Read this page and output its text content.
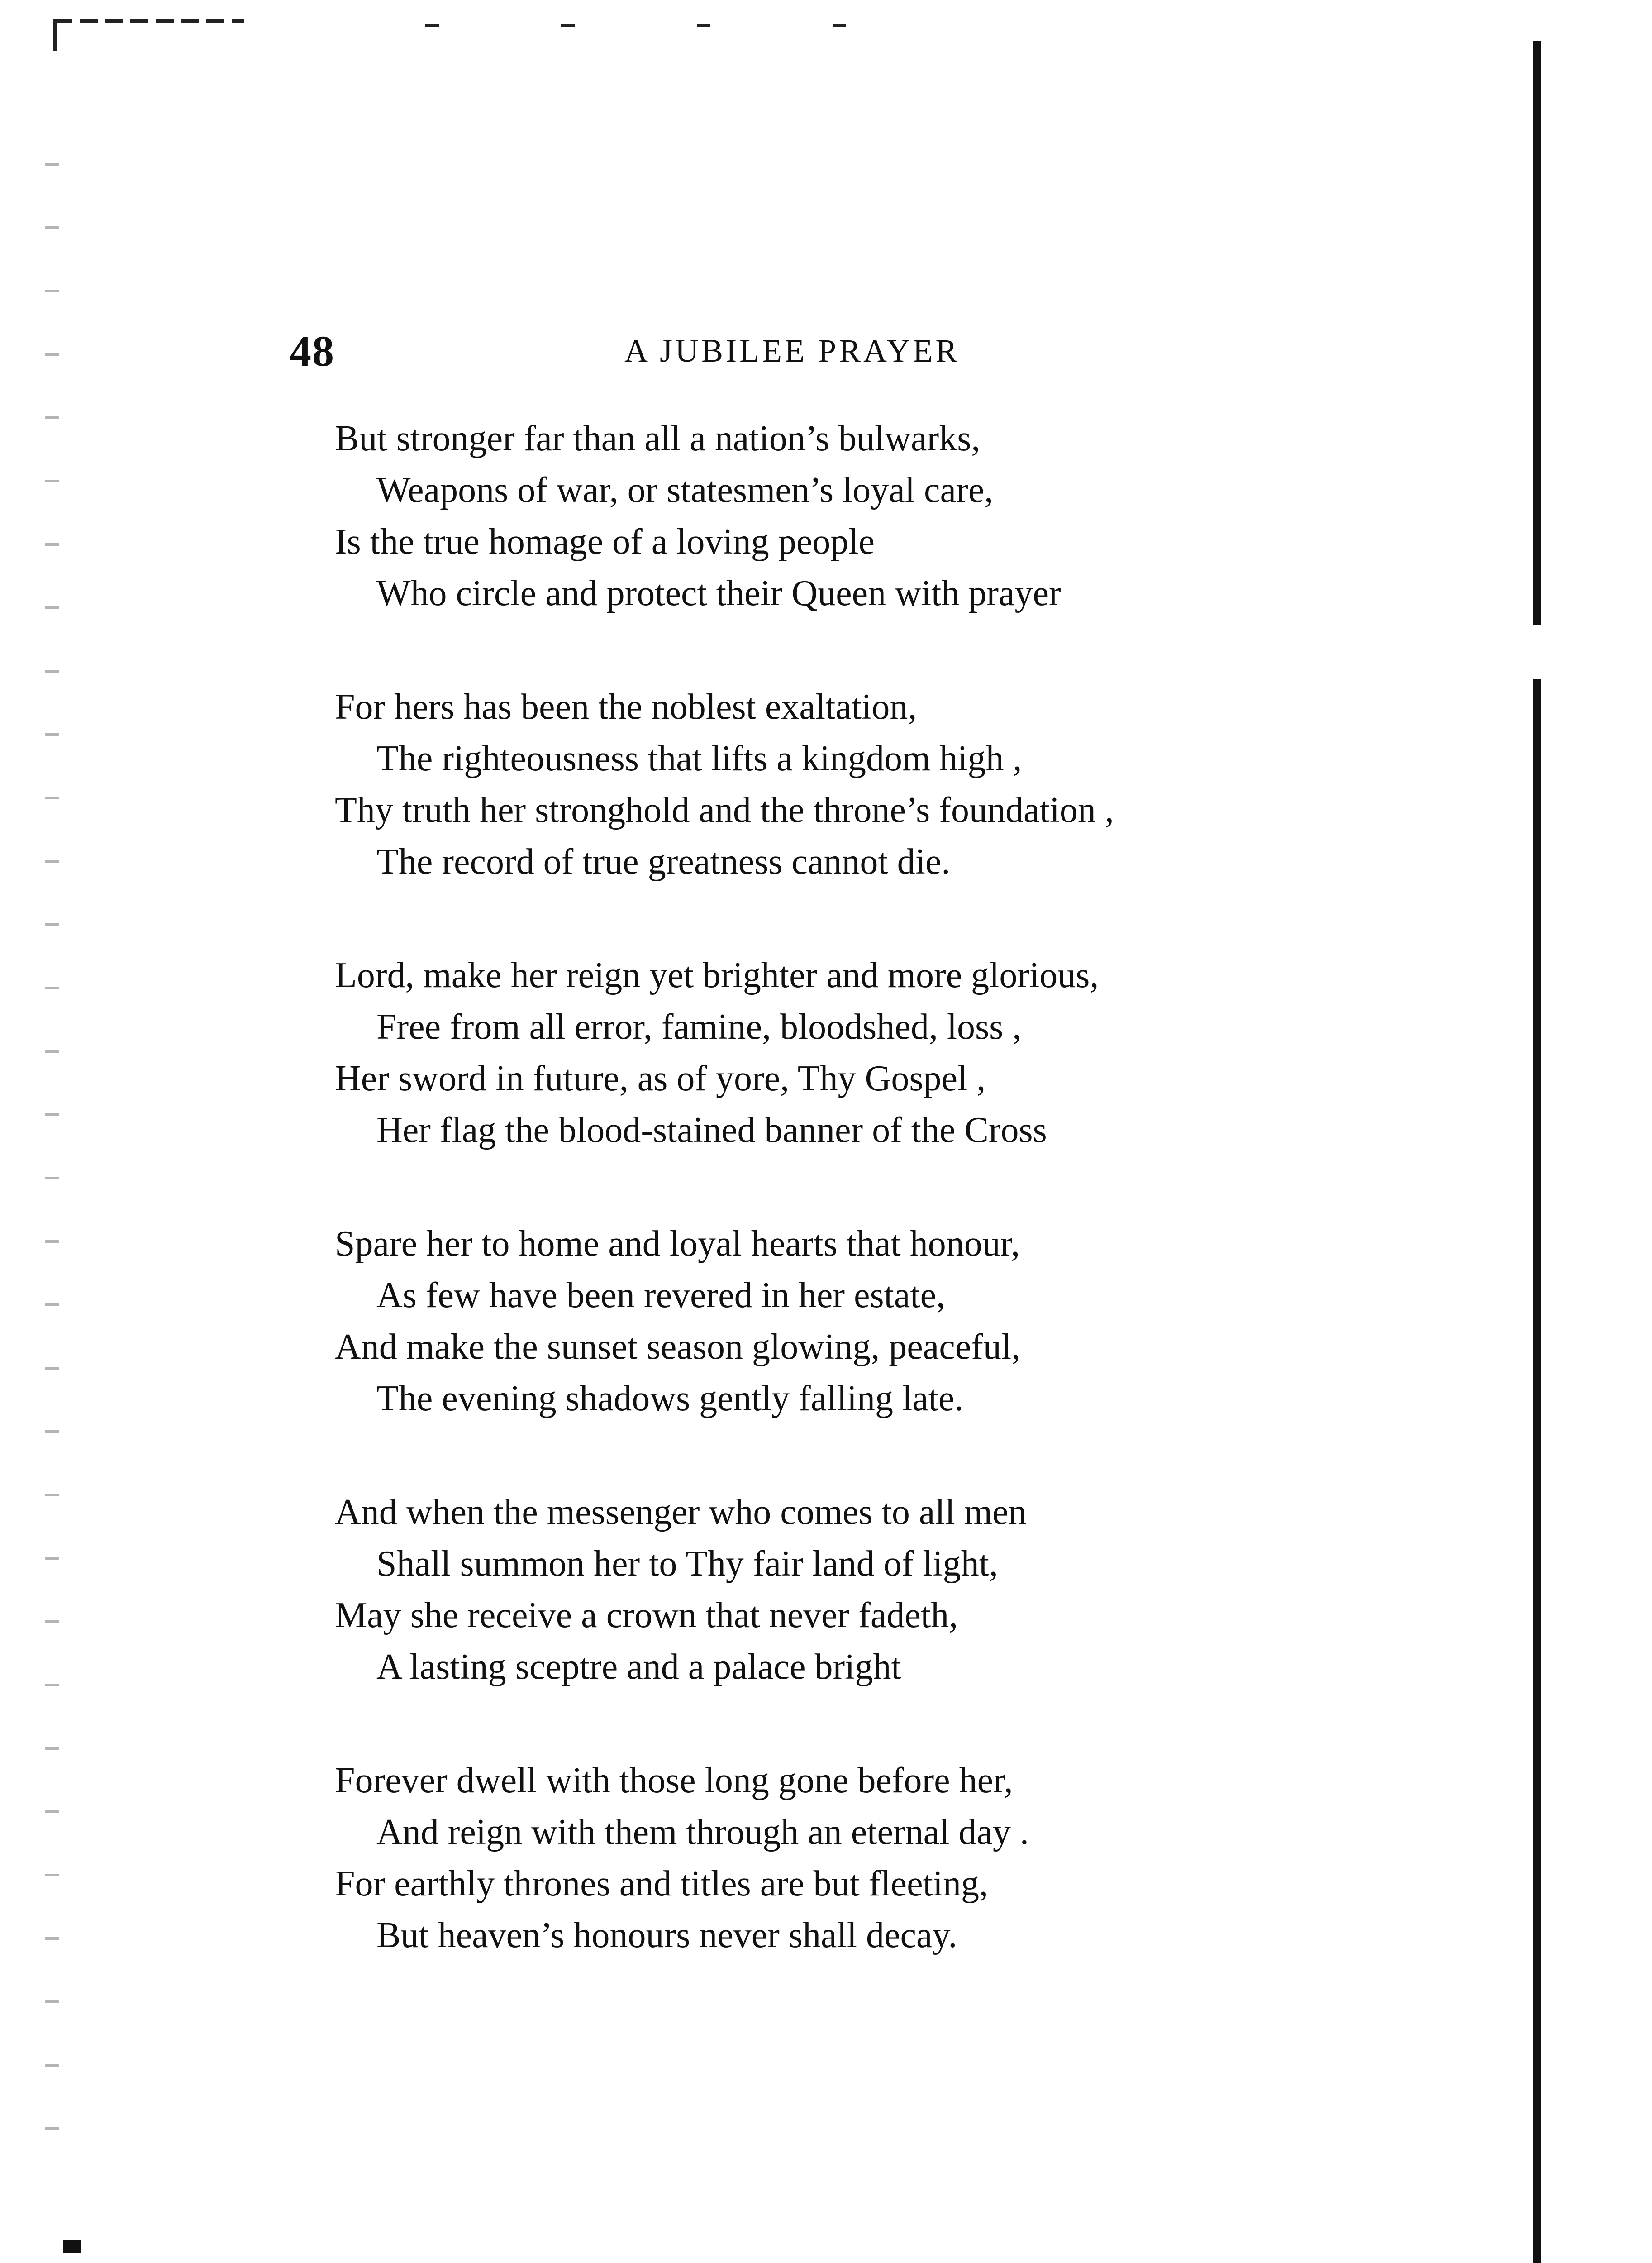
48	A JUBILEE PRAYER
But stronger far than all a nation’s bulwarks,
Weapons of war, or statesmen’s loyal care,
Is the true homage of a loving people
Who circle and protect their Queen with prayer
For hers has been the noblest exaltation,
The righteousness that lifts a kingdom high ,
Thy truth her stronghold and the throne’s foundation ,
The record of true greatness cannot die.
Lord, make her reign yet brighter and more glorious,
Free from all error, famine, bloodshed, loss ,
Her sword in future, as of yore, Thy Gospel ,
Her flag the blood-stained banner of the Cross
Spare her to home and loyal hearts that honour,
As few have been revered in her estate,
And make the sunset season glowing, peaceful,
The evening shadows gently falling late.
And when the messenger who comes to all men
Shall summon her to Thy fair land of light,
May she receive a crown that never fadeth,
A lasting sceptre and a palace bright
Forever dwell with those long gone before her,
And reign with them through an eternal day .
For earthly thrones and titles are but fleeting,
But heaven’s honours never shall decay.
